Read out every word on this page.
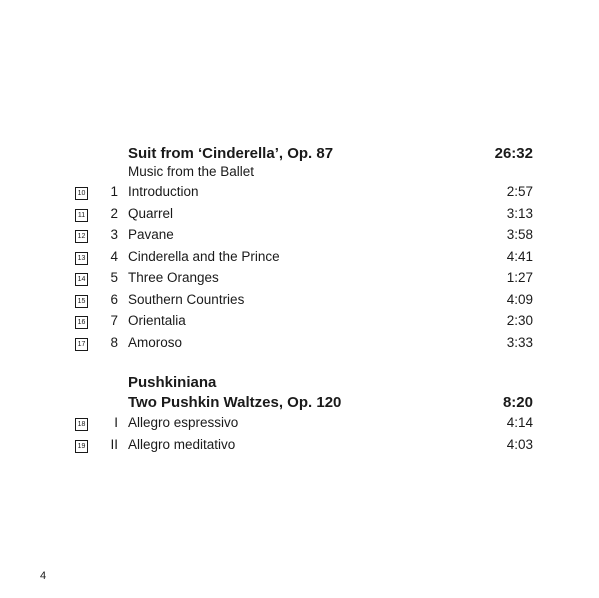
Suit from ‘Cinderella’, Op. 87	26:32
Music from the Ballet
10	1 Introduction	2:57
11	2 Quarrel	3:13
12	3 Pavane	3:58
13	4 Cinderella and the Prince	4:41
14	5 Three Oranges	1:27
15	6 Southern Countries	4:09
16	7 Orientalia	2:30
17	8 Amoroso	3:33
Pushkiniana
Two Pushkin Waltzes, Op. 120	8:20
18	I Allegro espressivo	4:14
19	II Allegro meditativo	4:03
4
